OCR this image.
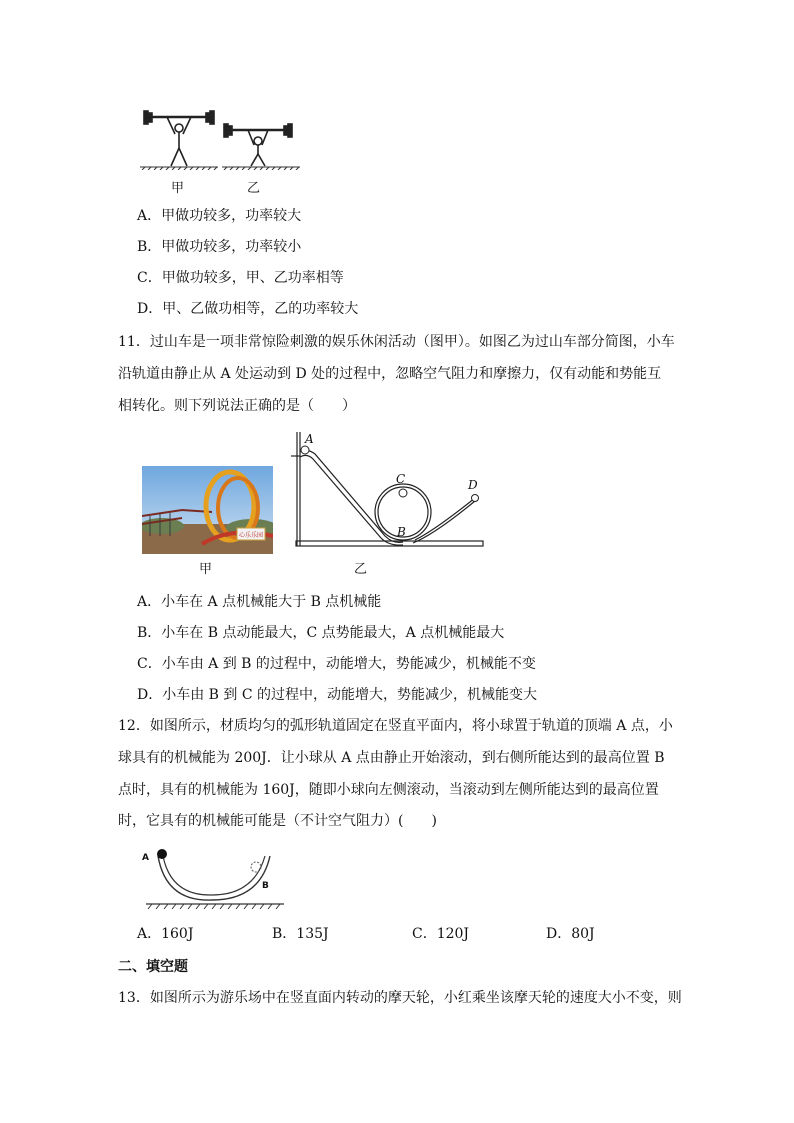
甲	乙
A．甲做功较多，功率较大
B．甲做功较多，功率较小
C．甲做功较多，甲、乙功率相等
D．甲、乙做功相等，乙的功率较大
11．过山车是一项非常惊险刺激的娱乐休闲活动（图甲）。如图乙为过山车部分简图，小车
沿轨道由静止从 A 处运动到 D 处的过程中，忽略空气阻力和摩擦力，仅有动能和势能互
相转化。则下列说法正确的是（　　）
心乐乐园
甲
A
C
B
D
乙
A．小车在 A 点机械能大于 B 点机械能
B．小车在 B 点动能最大，C 点势能最大，A 点机械能最大
C．小车由 A 到 B 的过程中，动能增大，势能减少，机械能不变
D．小车由 B 到 C 的过程中，动能增大，势能减少，机械能变大
12．如图所示，材质均匀的弧形轨道固定在竖直平面内，将小球置于轨道的顶端 A 点，小
球具有的机械能为 200J．让小球从 A 点由静止开始滚动，到右侧所能达到的最高位置 B
点时，具有的机械能为 160J，随即小球向左侧滚动，当滚动到左侧所能达到的最高位置
时，它具有的机械能可能是（不计空气阻力）(　　)
A
B
A．160J	B．135J	C．120J	D．80J
二、填空题
13．如图所示为游乐场中在竖直面内转动的摩天轮，小红乘坐该摩天轮的速度大小不变，则
